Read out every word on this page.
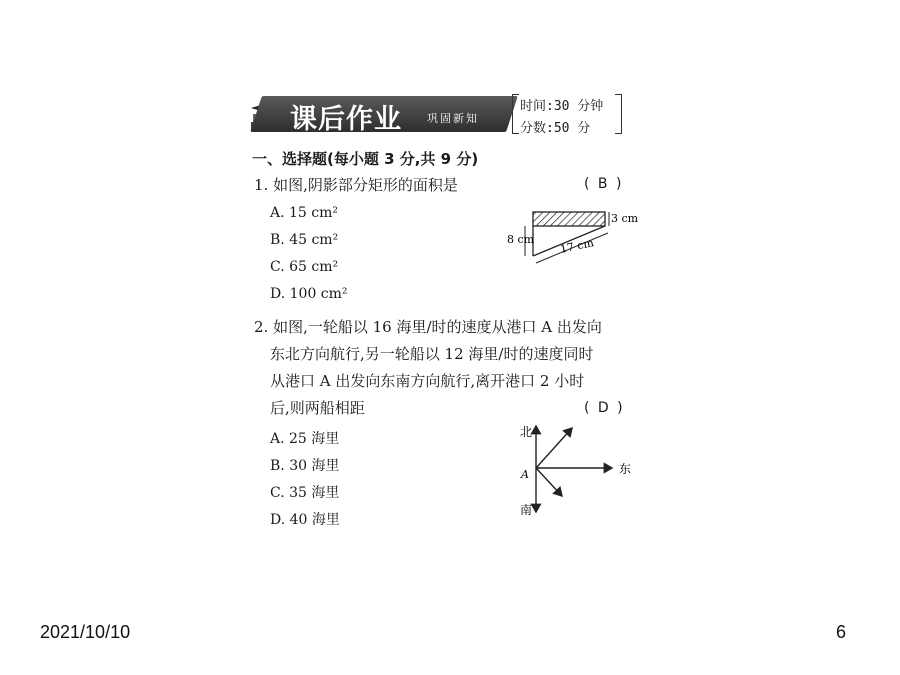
课后作业 巩固新知
时间:30 分钟
分数:50 分
一、选择题(每小题 3 分,共 9 分)
1. 如图,阴影部分矩形的面积是	( B )
A. 15 cm²
B. 45 cm²
C. 65 cm²
D. 100 cm²
3 cm
8 cm 17 cm
2. 如图,一轮船以 16 海里/时的速度从港口 A 出发向
东北方向航行,另一轮船以 12 海里/时的速度同时
从港口 A 出发向东南方向航行,离开港口 2 小时
后,则两船相距	( D )
A. 25 海里
B. 30 海里
C. 35 海里
D. 40 海里
北
南
东
A
2021/10/10	6
